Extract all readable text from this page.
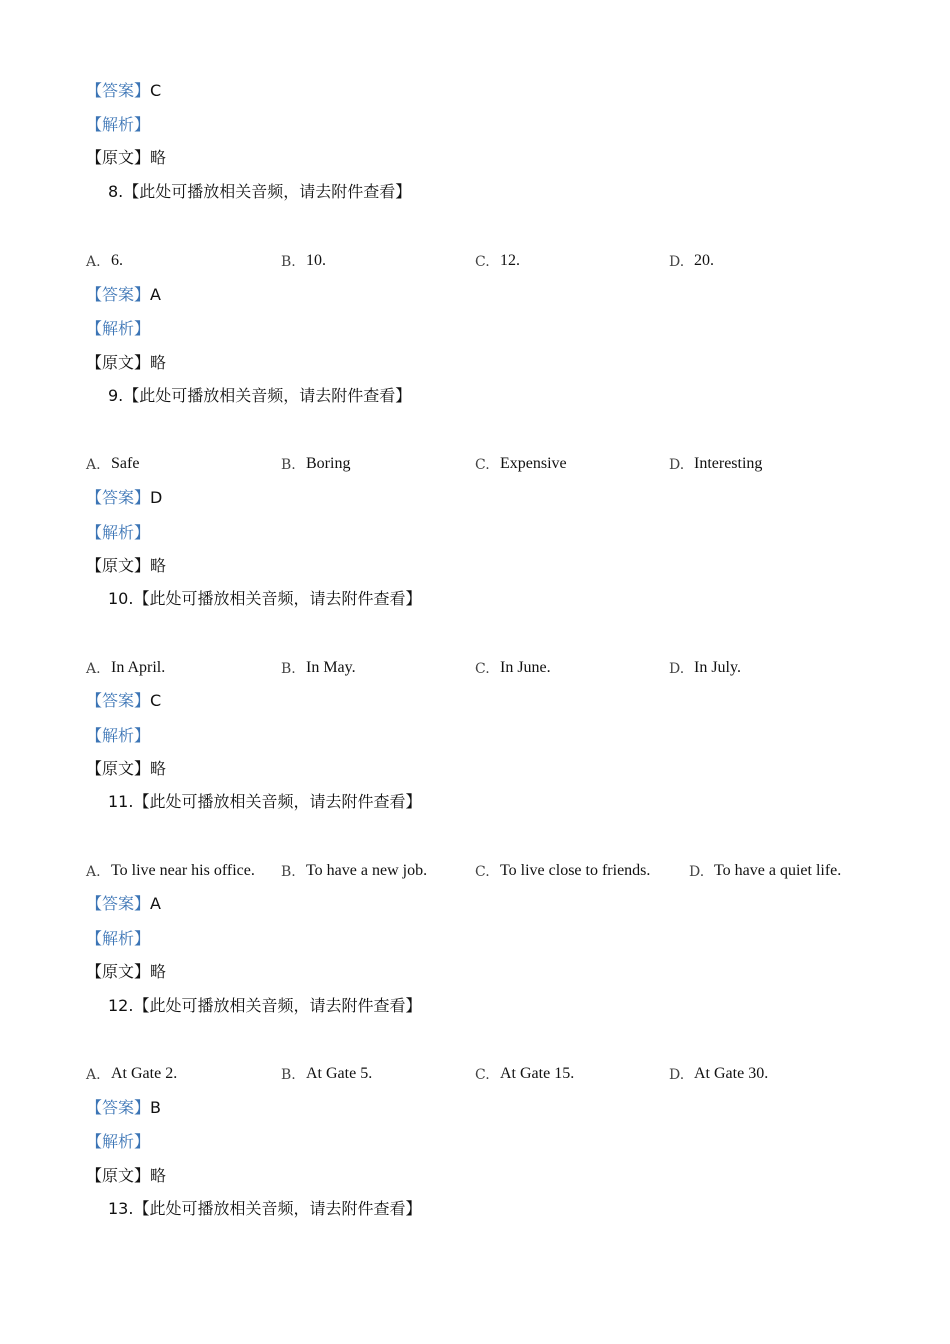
【答案】C
【解析】
【原文】略
8.【此处可播放相关音频，请去附件查看】
A. 6.	B. 10.	C. 12.	D. 20.
【答案】A
【解析】
【原文】略
9.【此处可播放相关音频，请去附件查看】
A. Safe	B. Boring	C. Expensive	D. Interesting
【答案】D
【解析】
【原文】略
10.【此处可播放相关音频，请去附件查看】
A. In April.	B. In May.	C. In June.	D. In July.
【答案】C
【解析】
【原文】略
11.【此处可播放相关音频，请去附件查看】
A. To live near his office. B. To have a new job.	C. To live close to friends.	D. To have a quiet life.
【答案】A
【解析】
【原文】略
12.【此处可播放相关音频，请去附件查看】
A. At Gate 2.	B. At Gate 5.	C. At Gate 15.	D. At Gate 30.
【答案】B
【解析】
【原文】略
13.【此处可播放相关音频，请去附件查看】
